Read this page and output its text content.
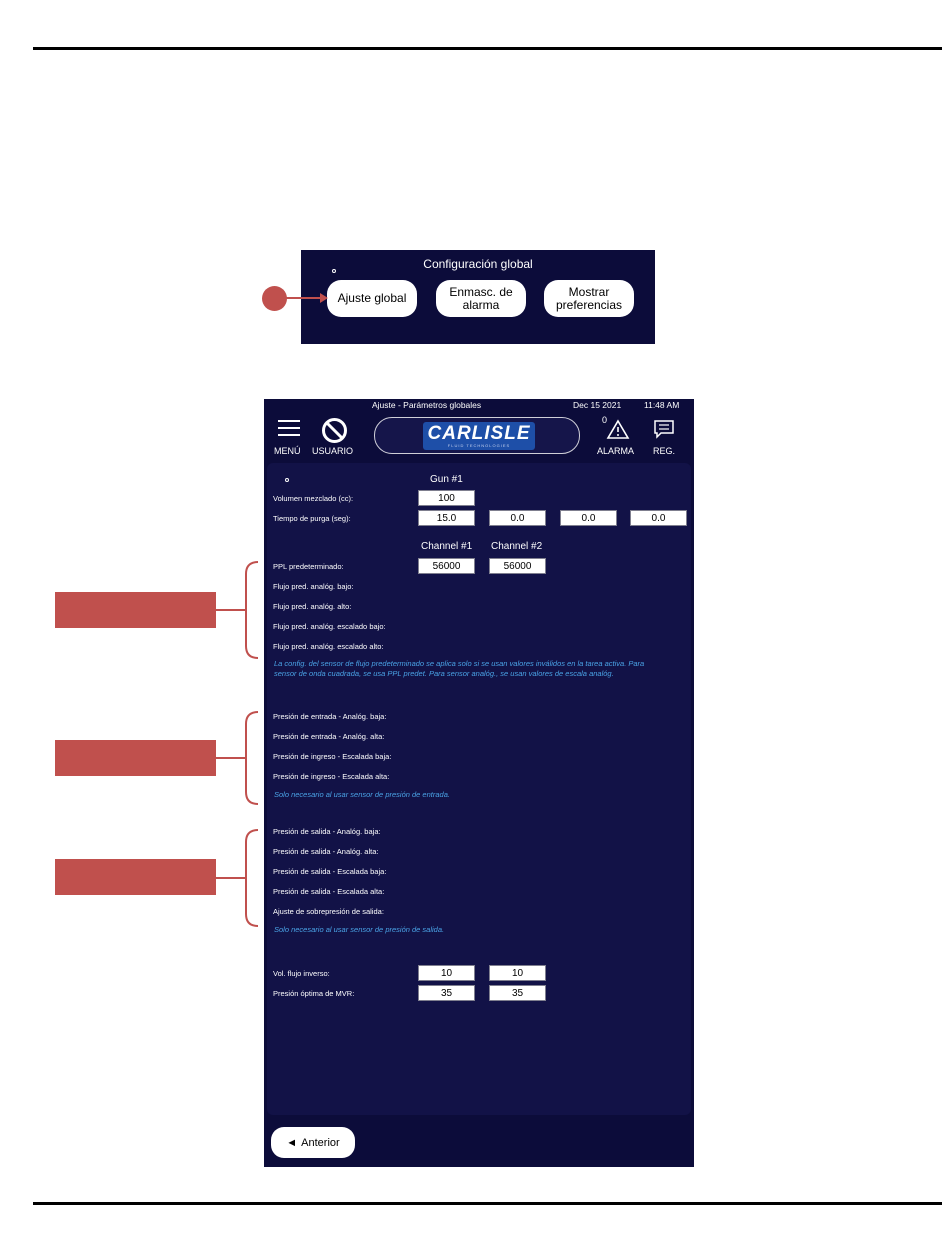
Configuración global
Ajuste global	Enmasc. de alarma
Mostrar preferencias
Ajuste - Parámetros globales	Dec 15 2021	11:48 AM
MENÚ USUARIO
CARLISLE
FLUID TECHNOLOGIES
0
ALARMA REG.
Gun #1
Volumen mezclado (cc):	100
Tiempo de purga (seg):	15.0	0.0	0.0	0.0
Channel #1 Channel #2
PPL predeterminado:	56000	56000
Flujo pred. analóg. bajo:
Flujo pred. analóg. alto:
Flujo pred. analóg. escalado bajo:
Flujo pred. analóg. escalado alto:
La config. del sensor de flujo predeterminado se aplica solo si se usan valores inválidos en la tarea activa. Para
sensor de onda cuadrada, se usa PPL predet. Para sensor analóg., se usan valores de escala analóg.
Presión de entrada - Analóg. baja:
Presión de entrada - Analóg. alta:
Presión de ingreso - Escalada baja:
Presión de ingreso - Escalada alta:
Solo necesario al usar sensor de presión de entrada.
Presión de salida - Analóg. baja:
Presión de salida - Analóg. alta:
Presión de salida - Escalada baja:
Presión de salida - Escalada alta:
Ajuste de sobrepresión de salida:
Solo necesario al usar sensor de presión de salida.
Vol. flujo inverso:	10	10
Presión óptima de MVR:	35	35
◄ Anterior
